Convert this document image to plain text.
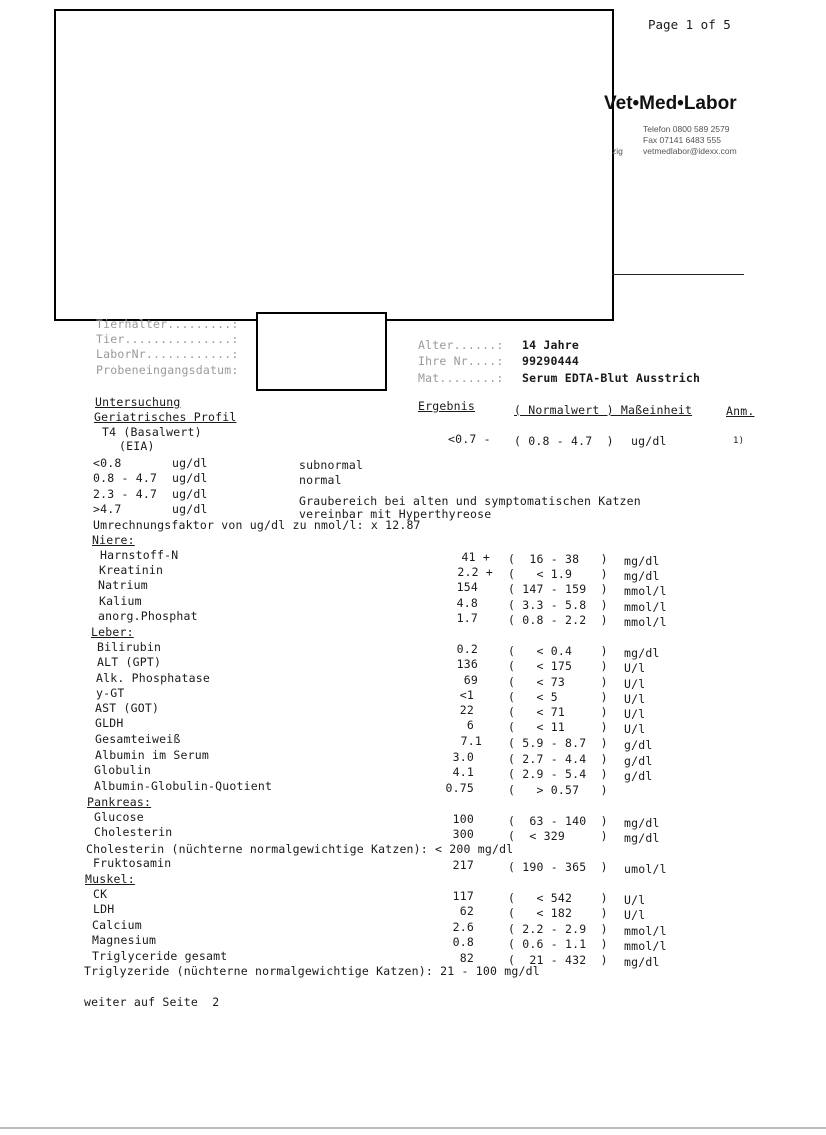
Page 1 of 5
Vet•Med•Labor
Telefon 0800 589 2579
Fax 07141 6483 555
zig vetmedlabor@idexx.com
Tierhalter.........:
Tier...............:
LaborNr............:
Probeneingangsdatum:
Alter......: 14 Jahre
Ihre Nr....: 99290444
Mat........: Serum EDTA-Blut Ausstrich
Untersuchung	Ergebnis	( Normalwert ) Maßeinheit	Anm.
Geriatrisches Profil
T4 (Basalwert)
(EIA)	<0.7 - ( 0.8 - 4.7  ) ug/dl	1)
<0.8	ug/dl	subnormal
0.8 - 4.7 ug/dl	normal
2.3 - 4.7 ug/dl	Graubereich bei alten und symptomatischen Katzen
>4.7	ug/dl	vereinbar mit Hyperthyreose
Umrechnungsfaktor von ug/dl zu nmol/l: x 12.87
Niere:
Leber:
Pankreas:
Muskel:
Harnstoff-N	41 + (  16 - 38   ) mg/dl
Kreatinin	2.2 + (   < 1.9    ) mg/dl
Natrium	154	( 147 - 159  ) mmol/l
Kalium	4.8	( 3.3 - 5.8  ) mmol/l
anorg.Phosphat	1.7	( 0.8 - 2.2  ) mmol/l
Bilirubin	0.2	(   < 0.4    ) mg/dl
ALT (GPT)	136	(   < 175    ) U/l
Alk. Phosphatase	69	(   < 73     ) U/l
y-GT	<1	(   < 5      ) U/l
AST (GOT)	22	(   < 71     ) U/l
GLDH	6	(   < 11     ) U/l
Gesamteiweiß	7.1 ( 5.9 - 8.7  ) g/dl
Albumin im Serum	3.0	( 2.7 - 4.4  ) g/dl
Globulin	4.1	( 2.9 - 5.4  ) g/dl
Albumin-Globulin-Quotient	0.75	(   > 0.57   )
Glucose	100	(  63 - 140  ) mg/dl
Cholesterin	300	(  < 329     ) mg/dl
Fruktosamin	217	( 190 - 365  ) umol/l
CK	117	(   < 542    ) U/l
LDH	62	(   < 182    ) U/l
Calcium	2.6	( 2.2 - 2.9  ) mmol/l
Magnesium	0.8	( 0.6 - 1.1  ) mmol/l
Triglyceride gesamt	82	(  21 - 432  ) mg/dl
Cholesterin (nüchterne normalgewichtige Katzen): < 200 mg/dl
Triglyzeride (nüchterne normalgewichtige Katzen): 21 - 100 mg/dl
weiter auf Seite  2
